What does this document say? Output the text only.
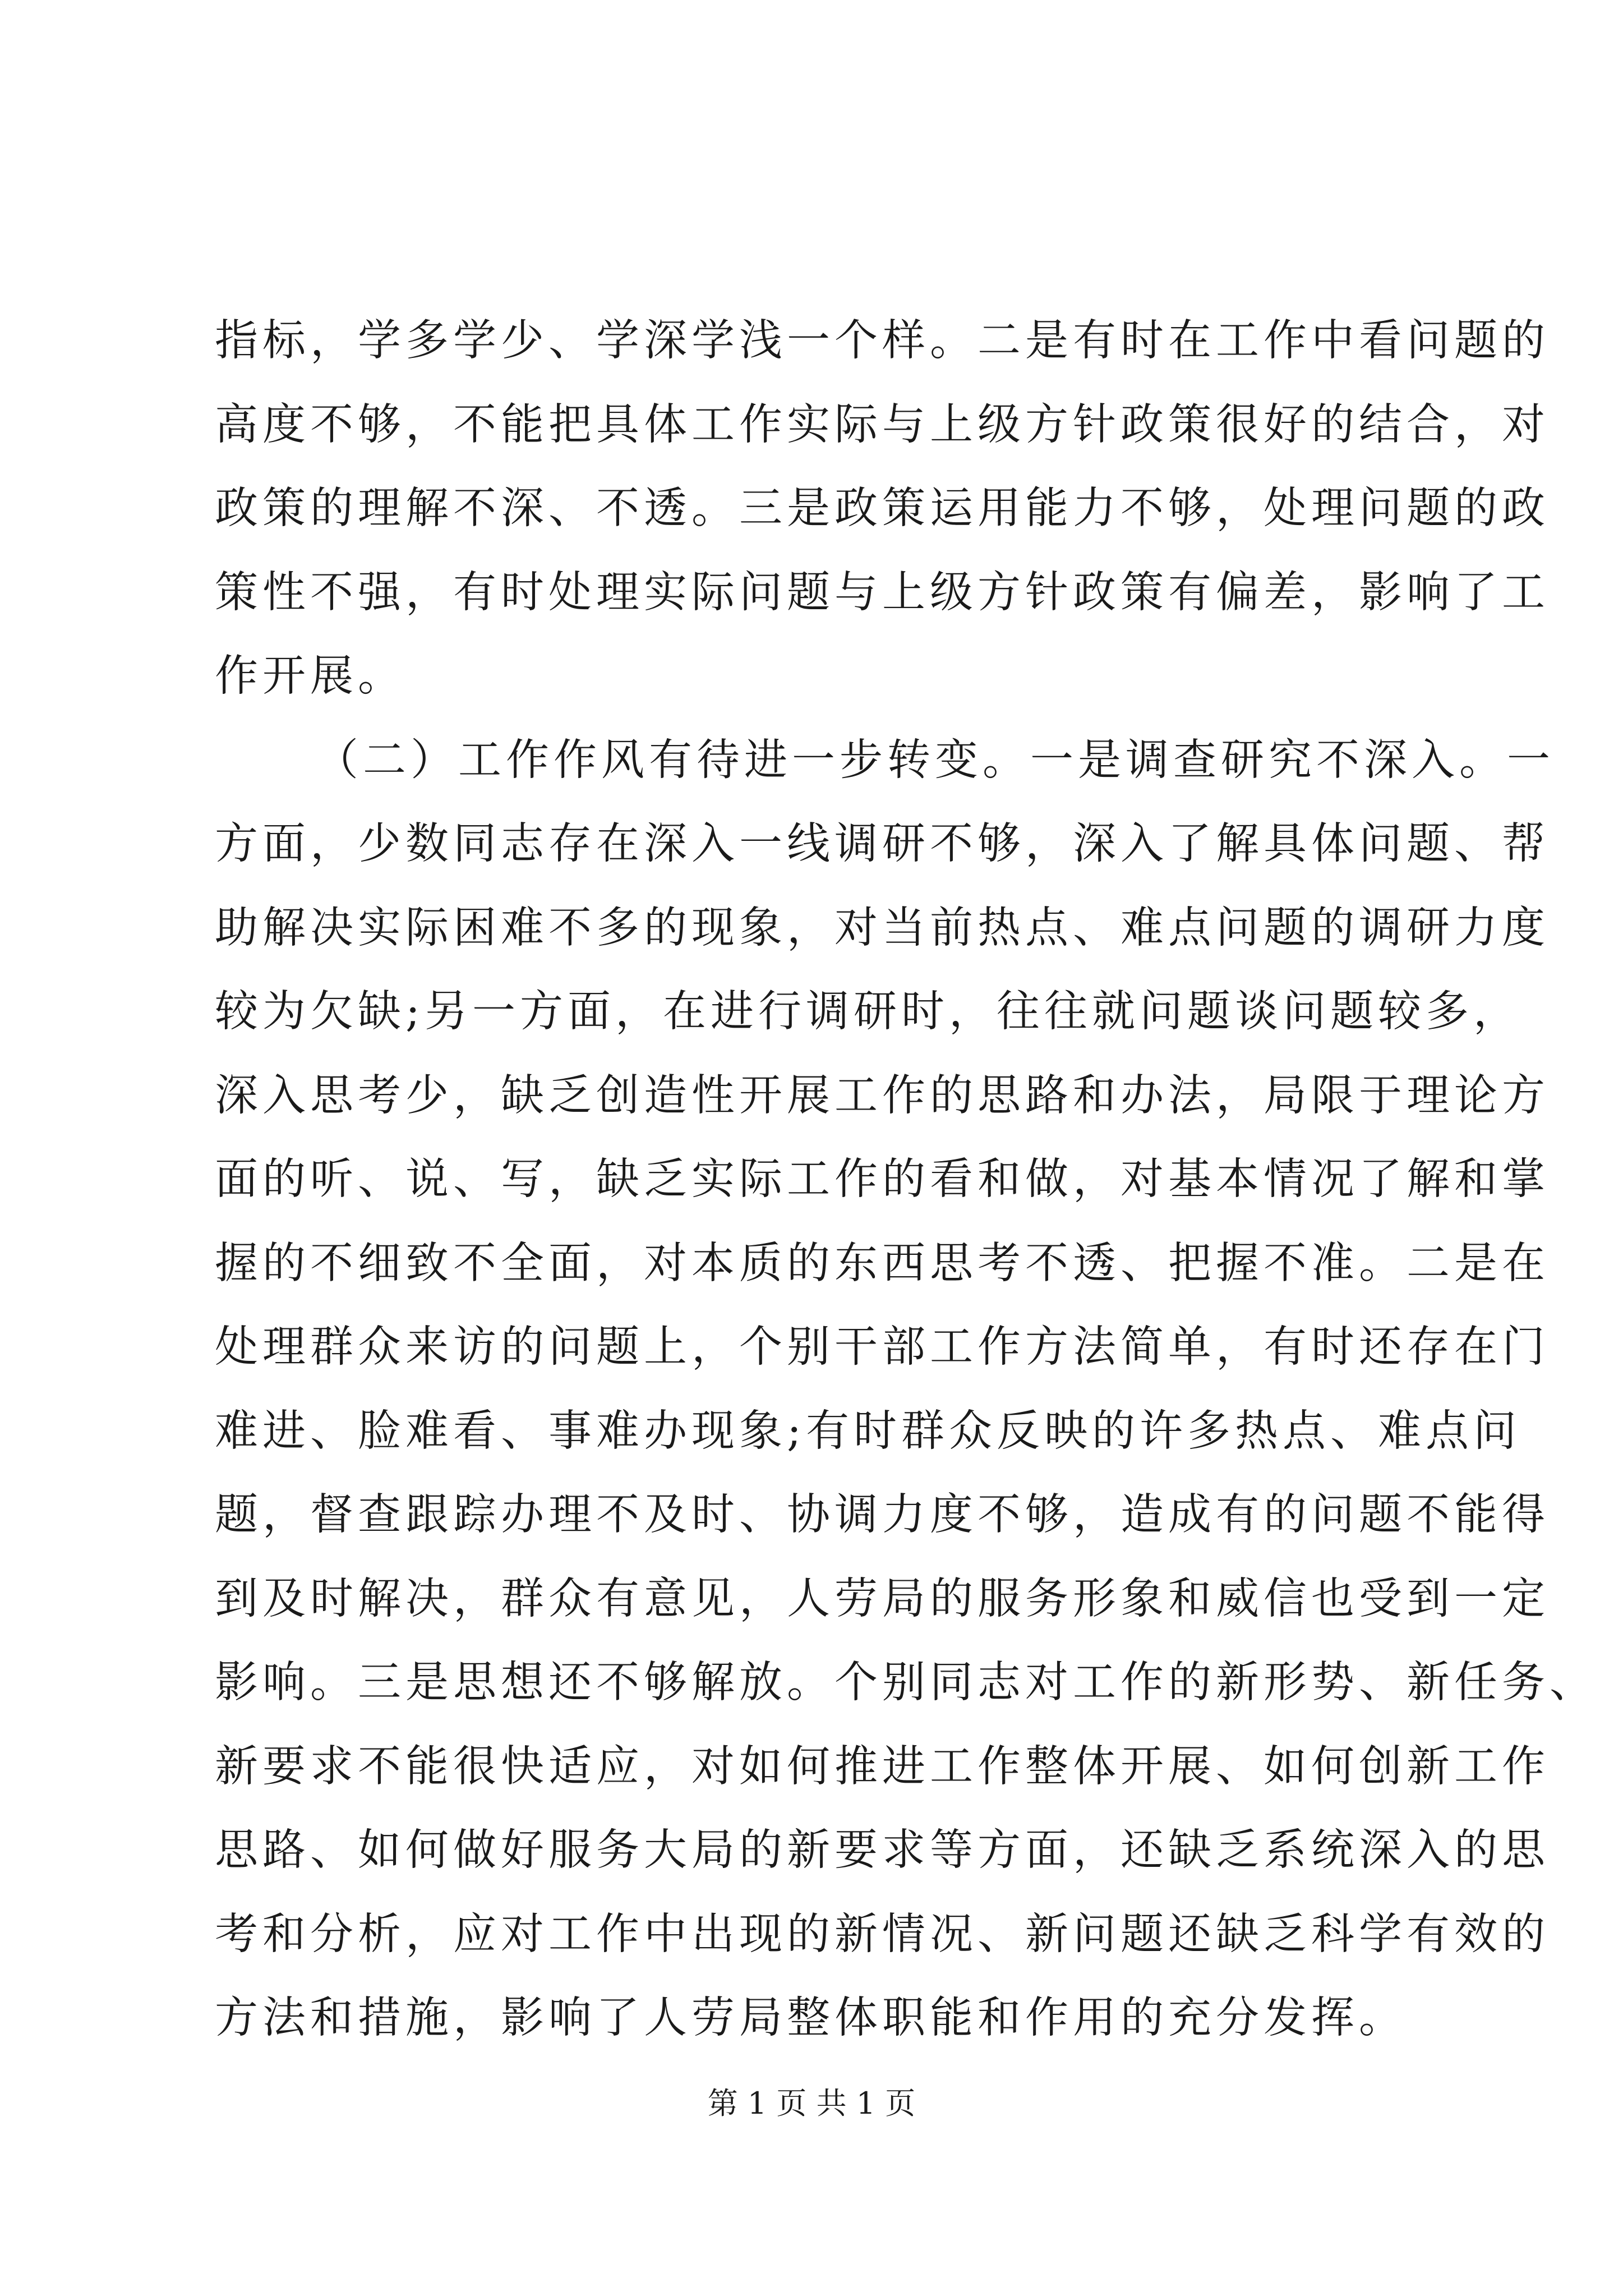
指标，学多学少、学深学浅一个样。二是有时在工作中看问题的
高度不够，不能把具体工作实际与上级方针政策很好的结合，对
政策的理解不深、不透。三是政策运用能力不够，处理问题的政
策性不强，有时处理实际问题与上级方针政策有偏差，影响了工
作开展。
（二）工作作风有待进一步转变。一是调查研究不深入。一
方面，少数同志存在深入一线调研不够，深入了解具体问题、帮
助解决实际困难不多的现象，对当前热点、难点问题的调研力度
较为欠缺;另一方面，在进行调研时，往往就问题谈问题较多，
深入思考少，缺乏创造性开展工作的思路和办法，局限于理论方
面的听、说、写，缺乏实际工作的看和做，对基本情况了解和掌
握的不细致不全面，对本质的东西思考不透、把握不准。二是在
处理群众来访的问题上，个别干部工作方法简单，有时还存在门
难进、脸难看、事难办现象;有时群众反映的许多热点、难点问
题，督查跟踪办理不及时、协调力度不够，造成有的问题不能得
到及时解决，群众有意见，人劳局的服务形象和威信也受到一定
影响。三是思想还不够解放。个别同志对工作的新形势、新任务、
新要求不能很快适应，对如何推进工作整体开展、如何创新工作
思路、如何做好服务大局的新要求等方面，还缺乏系统深入的思
考和分析，应对工作中出现的新情况、新问题还缺乏科学有效的
方法和措施，影响了人劳局整体职能和作用的充分发挥。
第 1 页 共 1 页
